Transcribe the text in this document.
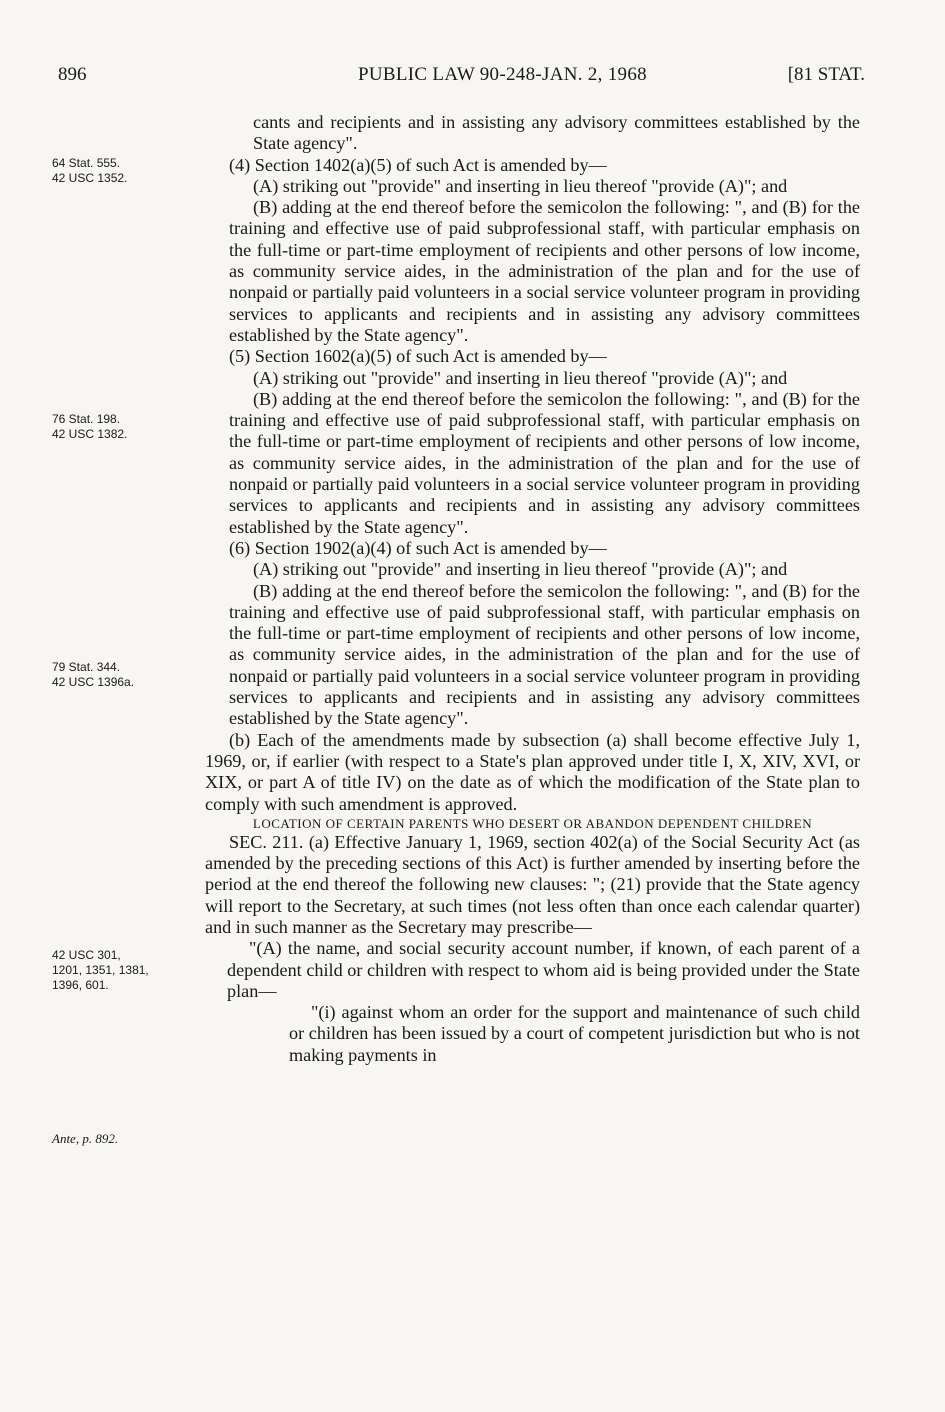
896	PUBLIC LAW 90-248-JAN. 2, 1968	[81 STAT.
64 Stat. 555.
42 USC 1352.
76 Stat. 198.
42 USC 1382.
79 Stat. 344.
42 USC 1396a.
42 USC 301,
1201, 1351, 1381,
1396, 601.
Ante, p. 892.

cants and recipients and in assisting any advisory committees established by the State agency".

(4) Section 1402(a)(5) of such Act is amended by—

(A) striking out "provide" and inserting in lieu thereof "provide (A)"; and

(B) adding at the end thereof before the semicolon the following: ", and (B) for the training and effective use of paid subprofessional staff, with particular emphasis on the full-time or part-time employment of recipients and other persons of low income, as community service aides, in the administration of the plan and for the use of nonpaid or partially paid volunteers in a social service volunteer program in providing services to applicants and recipients and in assisting any advisory committees established by the State agency".

(5) Section 1602(a)(5) of such Act is amended by—

(A) striking out "provide" and inserting in lieu thereof "provide (A)"; and

(B) adding at the end thereof before the semicolon the following: ", and (B) for the training and effective use of paid subprofessional staff, with particular emphasis on the full-time or part-time employment of recipients and other persons of low income, as community service aides, in the administration of the plan and for the use of nonpaid or partially paid volunteers in a social service volunteer program in providing services to applicants and recipients and in assisting any advisory committees established by the State agency".

(6) Section 1902(a)(4) of such Act is amended by—

(A) striking out "provide" and inserting in lieu thereof "provide (A)"; and

(B) adding at the end thereof before the semicolon the following: ", and (B) for the training and effective use of paid subprofessional staff, with particular emphasis on the full-time or part-time employment of recipients and other persons of low income, as community service aides, in the administration of the plan and for the use of nonpaid or partially paid volunteers in a social service volunteer program in providing services to applicants and recipients and in assisting any advisory committees established by the State agency".

(b) Each of the amendments made by subsection (a) shall become effective July 1, 1969, or, if earlier (with respect to a State's plan approved under title I, X, XIV, XVI, or XIX, or part A of title IV) on the date as of which the modification of the State plan to comply with such amendment is approved.

LOCATION OF CERTAIN PARENTS WHO DESERT OR ABANDON DEPENDENT CHILDREN

SEC. 211. (a) Effective January 1, 1969, section 402(a) of the Social Security Act (as amended by the preceding sections of this Act) is further amended by inserting before the period at the end thereof the following new clauses: "; (21) provide that the State agency will report to the Secretary, at such times (not less often than once each calendar quarter) and in such manner as the Secretary may prescribe—

"(A) the name, and social security account number, if known, of each parent of a dependent child or children with respect to whom aid is being provided under the State plan—

"(i) against whom an order for the support and maintenance of such child or children has been issued by a court of competent jurisdiction but who is not making payments in
